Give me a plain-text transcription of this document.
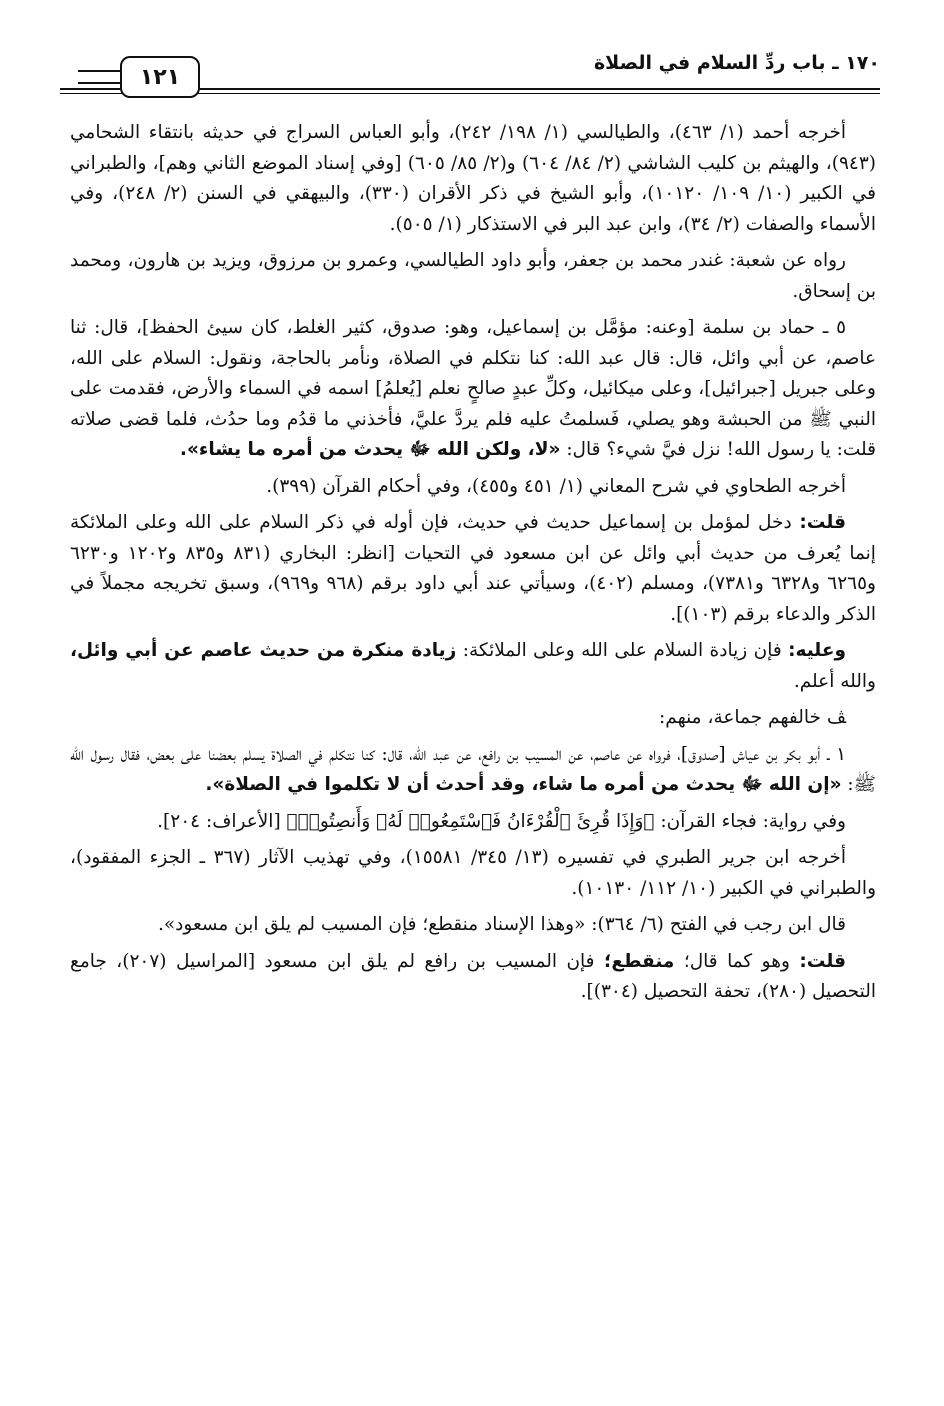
١٧٠ ـ باب ردِّ السلام في الصلاة
١٢١

أخرجه أحمد (١/ ٤٦٣)، والطيالسي (١/ ١٩٨/ ٢٤٢)، وأبو العباس السراج في حديثه بانتقاء الشحامي (٩٤٣)، والهيثم بن كليب الشاشي (٢/ ٨٤/ ٦٠٤) و(٢/ ٨٥/ ٦٠٥) [وفي إسناد الموضع الثاني وهم]، والطبراني في الكبير (١٠/ ١٠٩/ ١٠١٢٠)، وأبو الشيخ في ذكر الأقران (٣٣٠)، والبيهقي في السنن (٢/ ٢٤٨)، وفي الأسماء والصفات (٢/ ٣٤)، وابن عبد البر في الاستذكار (١/ ٥٠٥).

رواه عن شعبة: غندر محمد بن جعفر، وأبو داود الطيالسي، وعمرو بن مرزوق، ويزيد بن هارون، ومحمد بن إسحاق.

٥ ـ حماد بن سلمة [وعنه: مؤمَّل بن إسماعيل، وهو: صدوق، كثير الغلط، كان سيئ الحفظ]، قال: ثنا عاصم، عن أبي وائل، قال: قال عبد الله: كنا نتكلم في الصلاة، ونأمر بالحاجة، ونقول: السلام على الله، وعلى جبريل [جبرائيل]، وعلى ميكائيل، وكلِّ عبدٍ صالحٍ نعلم [يُعلمُ] اسمه في السماء والأرض، فقدمت على النبي ﷺ من الحبشة وهو يصلي، فَسلمتُ عليه فلم يردَّ عليَّ، فأخذني ما قدُم وما حدُث، فلما قضى صلاته قلت: يا رسول الله! نزل فيَّ شيء؟ قال: «لا، ولكن الله ﷻ يحدث من أمره ما يشاء».

أخرجه الطحاوي في شرح المعاني (١/ ٤٥١ و٤٥٥)، وفي أحكام القرآن (٣٩٩).

قلت: دخل لمؤمل بن إسماعيل حديث في حديث، فإن أوله في ذكر السلام على الله وعلى الملائكة إنما يُعرف من حديث أبي وائل عن ابن مسعود في التحيات [انظر: البخاري (٨٣١ و٨٣٥ و١٢٠٢ و٦٢٣٠ و٦٢٦٥ و٦٣٢٨ و٧٣٨١)، ومسلم (٤٠٢)، وسيأتي عند أبي داود برقم (٩٦٨ و٩٦٩)، وسبق تخريجه مجملاً في الذكر والدعاء برقم (١٠٣)].

وعليه: فإن زيادة السلام على الله وعلى الملائكة: زيادة منكرة من حديث عاصم عن أبي وائل، والله أعلم.

ﭫ خالفهم جماعة، منهم:

١ ـ أبو بكر بن عياش [صدوق]، فرواه عن عاصم، عن المسيب بن رافع، عن عبد الله، قال: كنا نتكلم في الصلاة يسلم بعضنا على بعض، فقال رسول الله ﷺ: «إن الله ﷻ يحدث من أمره ما شاء، وقد أحدث أن لا تكلموا في الصلاة».

وفي رواية: فجاء القرآن: ﴿وَإِذَا قُرِئَ ٱلْقُرْءَانُ فَٱسْتَمِعُوا۟ لَهُۥ وَأَنصِتُوا۟﴾ [الأعراف: ٢٠٤].

أخرجه ابن جرير الطبري في تفسيره (١٣/ ٣٤٥/ ١٥٥٨١)، وفي تهذيب الآثار (٣٦٧ ـ الجزء المفقود)، والطبراني في الكبير (١٠/ ١١٢/ ١٠١٣٠).

قال ابن رجب في الفتح (٦/ ٣٦٤): «وهذا الإسناد منقطع؛ فإن المسيب لم يلق ابن مسعود».

قلت: وهو كما قال؛ منقطع؛ فإن المسيب بن رافع لم يلق ابن مسعود [المراسيل (٢٠٧)، جامع التحصيل (٢٨٠)، تحفة التحصيل (٣٠٤)].
